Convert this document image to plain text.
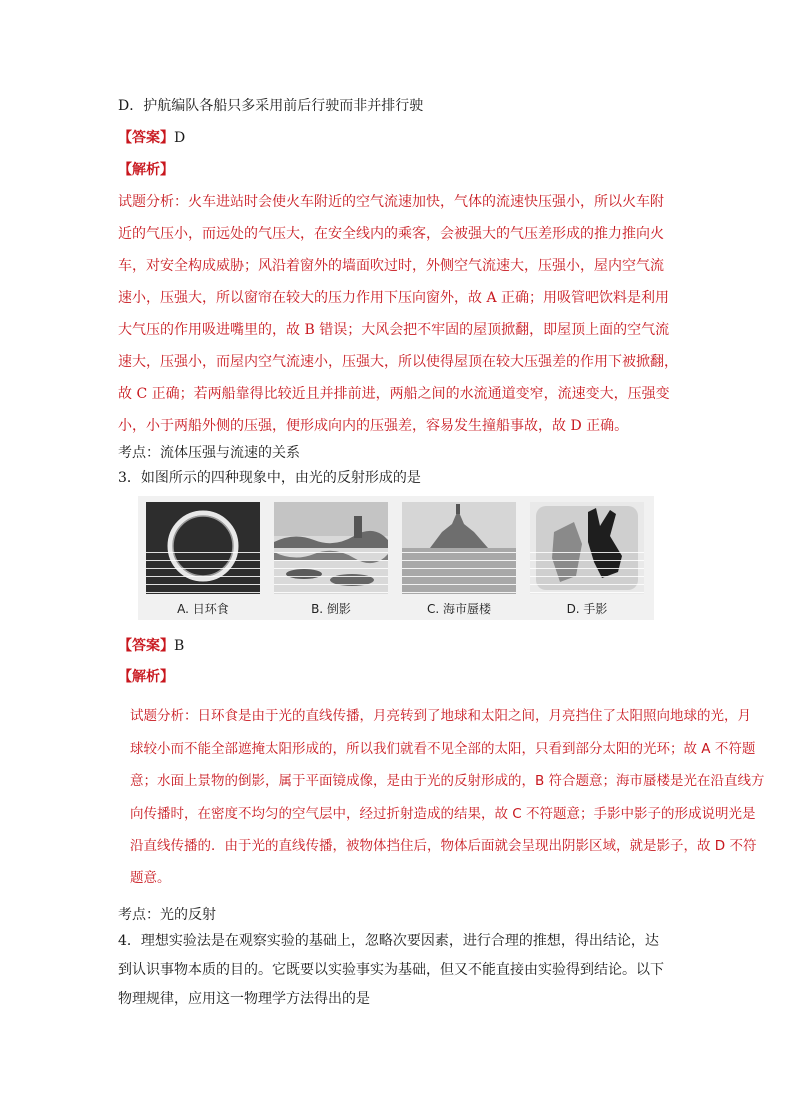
D．护航编队各船只多采用前后行驶而非并排行驶
【答案】D
【解析】
试题分析：火车进站时会使火车附近的空气流速加快，气体的流速快压强小，所以火车附
近的气压小，而远处的气压大，在安全线内的乘客，会被强大的气压差形成的推力推向火
车，对安全构成威胁；风沿着窗外的墙面吹过时，外侧空气流速大，压强小，屋内空气流
速小，压强大，所以窗帘在较大的压力作用下压向窗外，故 A 正确；用吸管吧饮料是利用
大气压的作用吸进嘴里的，故 B 错误；大风会把不牢固的屋顶掀翻，即屋顶上面的空气流
速大，压强小，而屋内空气流速小，压强大，所以使得屋顶在较大压强差的作用下被掀翻，
故 C 正确；若两船靠得比较近且并排前进，两船之间的水流通道变窄，流速变大，压强变
小，小于两船外侧的压强，便形成向内的压强差，容易发生撞船事故，故 D 正确。
考点：流体压强与流速的关系
3．如图所示的四种现象中，由光的反射形成的是
A. 日环食	B. 倒影	C. 海市蜃楼	D. 手影
【答案】B
【解析】
试题分析：日环食是由于光的直线传播，月亮转到了地球和太阳之间，月亮挡住了太阳照向地球的光，月
球较小而不能全部遮掩太阳形成的，所以我们就看不见全部的太阳，只看到部分太阳的光环；故 A 不符题
意；水面上景物的倒影，属于平面镜成像，是由于光的反射形成的，B 符合题意；海市蜃楼是光在沿直线方
向传播时，在密度不均匀的空气层中，经过折射造成的结果，故 C 不符题意；手影中影子的形成说明光是
沿直线传播的．由于光的直线传播，被物体挡住后，物体后面就会呈现出阴影区域，就是影子，故 D 不符
题意。
考点：光的反射
4．理想实验法是在观察实验的基础上，忽略次要因素，进行合理的推想，得出结论，达
到认识事物本质的目的。它既要以实验事实为基础，但又不能直接由实验得到结论。以下
物理规律，应用这一物理学方法得出的是
